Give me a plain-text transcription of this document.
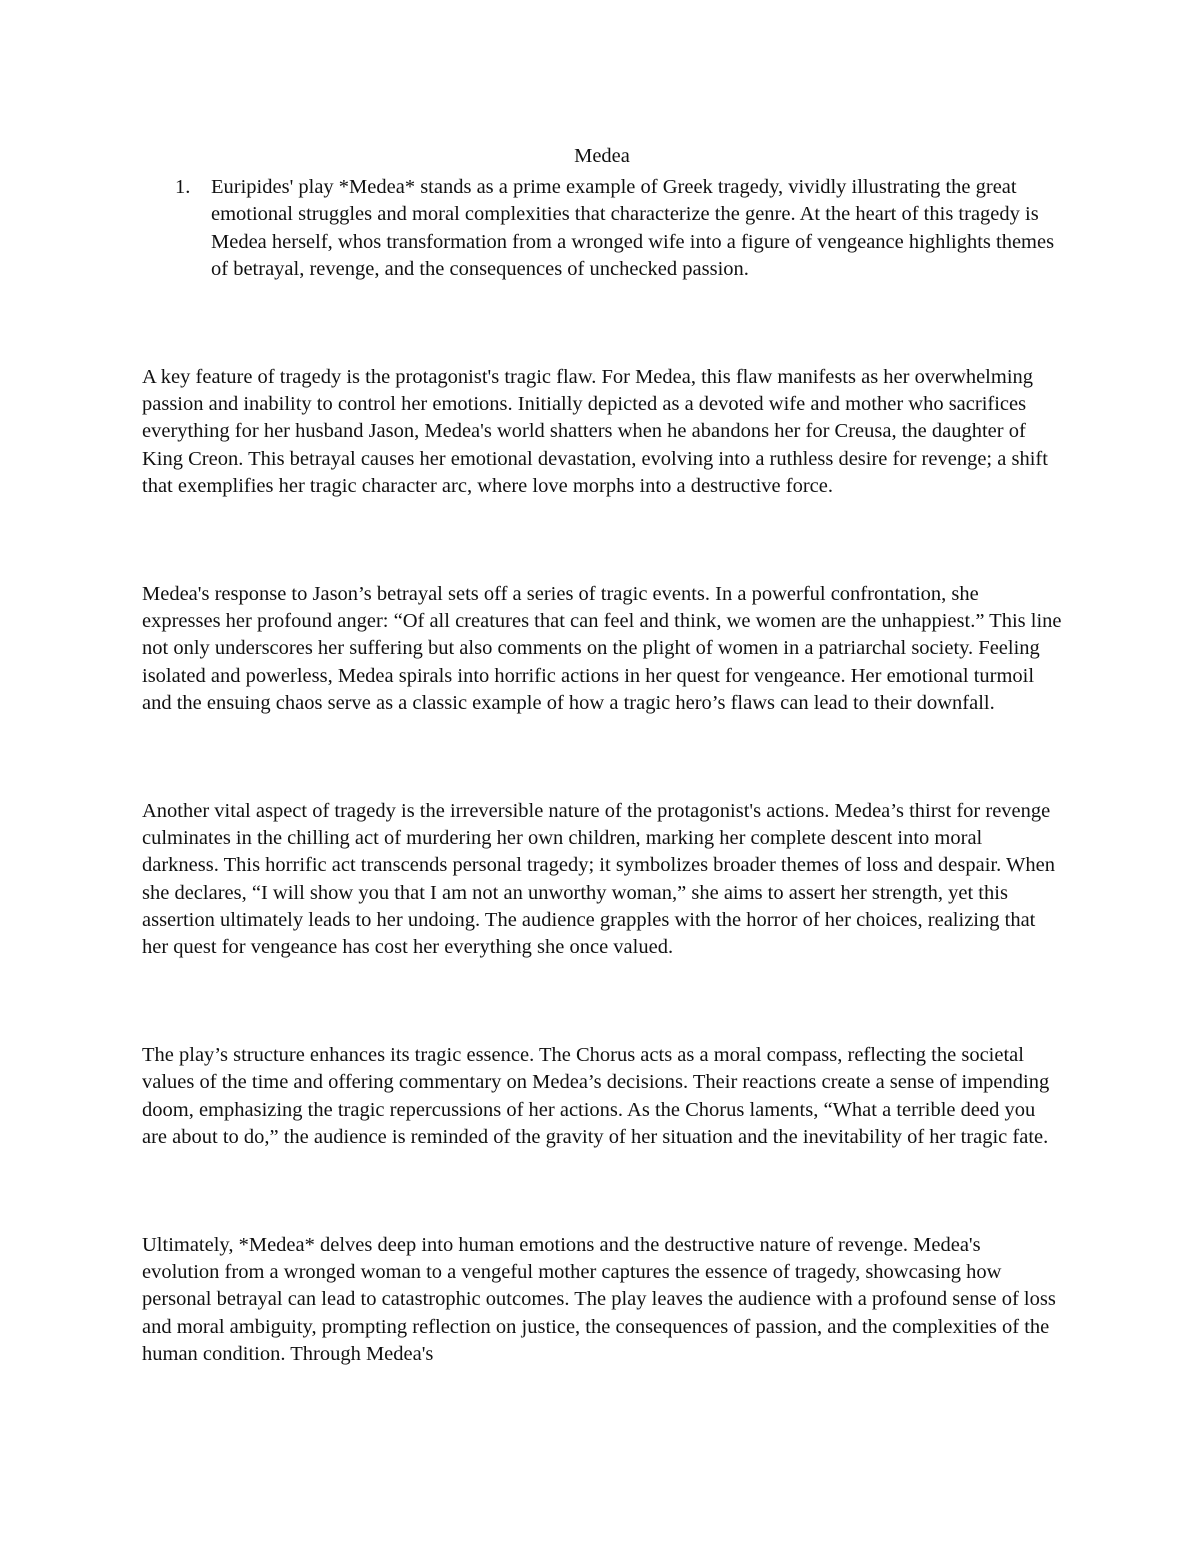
Medea
1.	Euripides' play *Medea* stands as a prime example of Greek tragedy, vividly illustrating the great emotional struggles and moral complexities that characterize the genre. At the heart of this tragedy is Medea herself, whos transformation from a wronged wife into a figure of vengeance highlights themes of betrayal, revenge, and the consequences of unchecked passion.

A key feature of tragedy is the protagonist's tragic flaw. For Medea, this flaw manifests as her overwhelming passion and inability to control her emotions. Initially depicted as a devoted wife and mother who sacrifices everything for her husband Jason, Medea's world shatters when he abandons her for Creusa, the daughter of King Creon. This betrayal causes her emotional devastation, evolving into a ruthless desire for revenge; a shift that exemplifies her tragic character arc, where love morphs into a destructive force.

Medea's response to Jason’s betrayal sets off a series of tragic events. In a powerful confrontation, she expresses her profound anger: “Of all creatures that can feel and think, we women are the unhappiest.” This line not only underscores her suffering but also comments on the plight of women in a patriarchal society. Feeling isolated and powerless, Medea spirals into horrific actions in her quest for vengeance. Her emotional turmoil and the ensuing chaos serve as a classic example of how a tragic hero’s flaws can lead to their downfall.

Another vital aspect of tragedy is the irreversible nature of the protagonist's actions. Medea’s thirst for revenge culminates in the chilling act of murdering her own children, marking her complete descent into moral darkness. This horrific act transcends personal tragedy; it symbolizes broader themes of loss and despair. When she declares, “I will show you that I am not an unworthy woman,” she aims to assert her strength, yet this assertion ultimately leads to her undoing. The audience grapples with the horror of her choices, realizing that her quest for vengeance has cost her everything she once valued.

The play’s structure enhances its tragic essence. The Chorus acts as a moral compass, reflecting the societal values of the time and offering commentary on Medea’s decisions. Their reactions create a sense of impending doom, emphasizing the tragic repercussions of her actions. As the Chorus laments, “What a terrible deed you are about to do,” the audience is reminded of the gravity of her situation and the inevitability of her tragic fate.

Ultimately, *Medea* delves deep into human emotions and the destructive nature of revenge. Medea's evolution from a wronged woman to a vengeful mother captures the essence of tragedy, showcasing how personal betrayal can lead to catastrophic outcomes. The play leaves the audience with a profound sense of loss and moral ambiguity, prompting reflection on justice, the consequences of passion, and the complexities of the human condition. Through Medea's
